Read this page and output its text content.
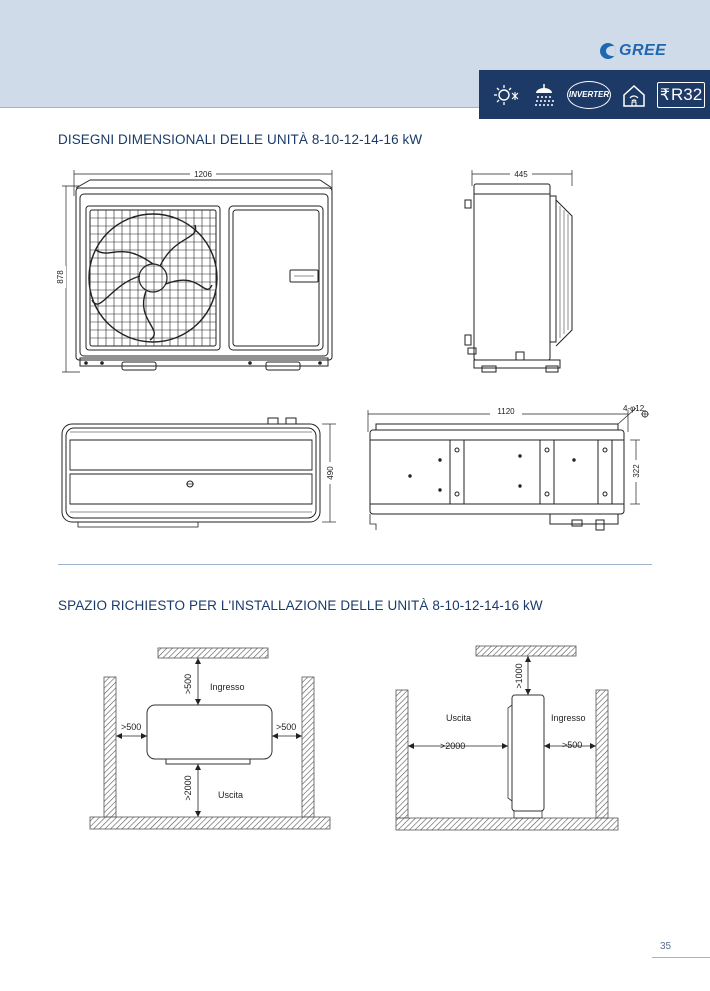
GREE
INVERTER	₹ R32
DISEGNI DIMENSIONALI DELLE UNITÀ 8-10-12-14-16 kW
1206
878
445
490
1120	4-φ12
322
>500 Ingresso
>500	>500
>2000	Uscita
>1000
Uscita	Ingresso
>2000	>500
SPAZIO RICHIESTO PER L'INSTALLAZIONE DELLE UNITÀ 8-10-12-14-16 kW
35
